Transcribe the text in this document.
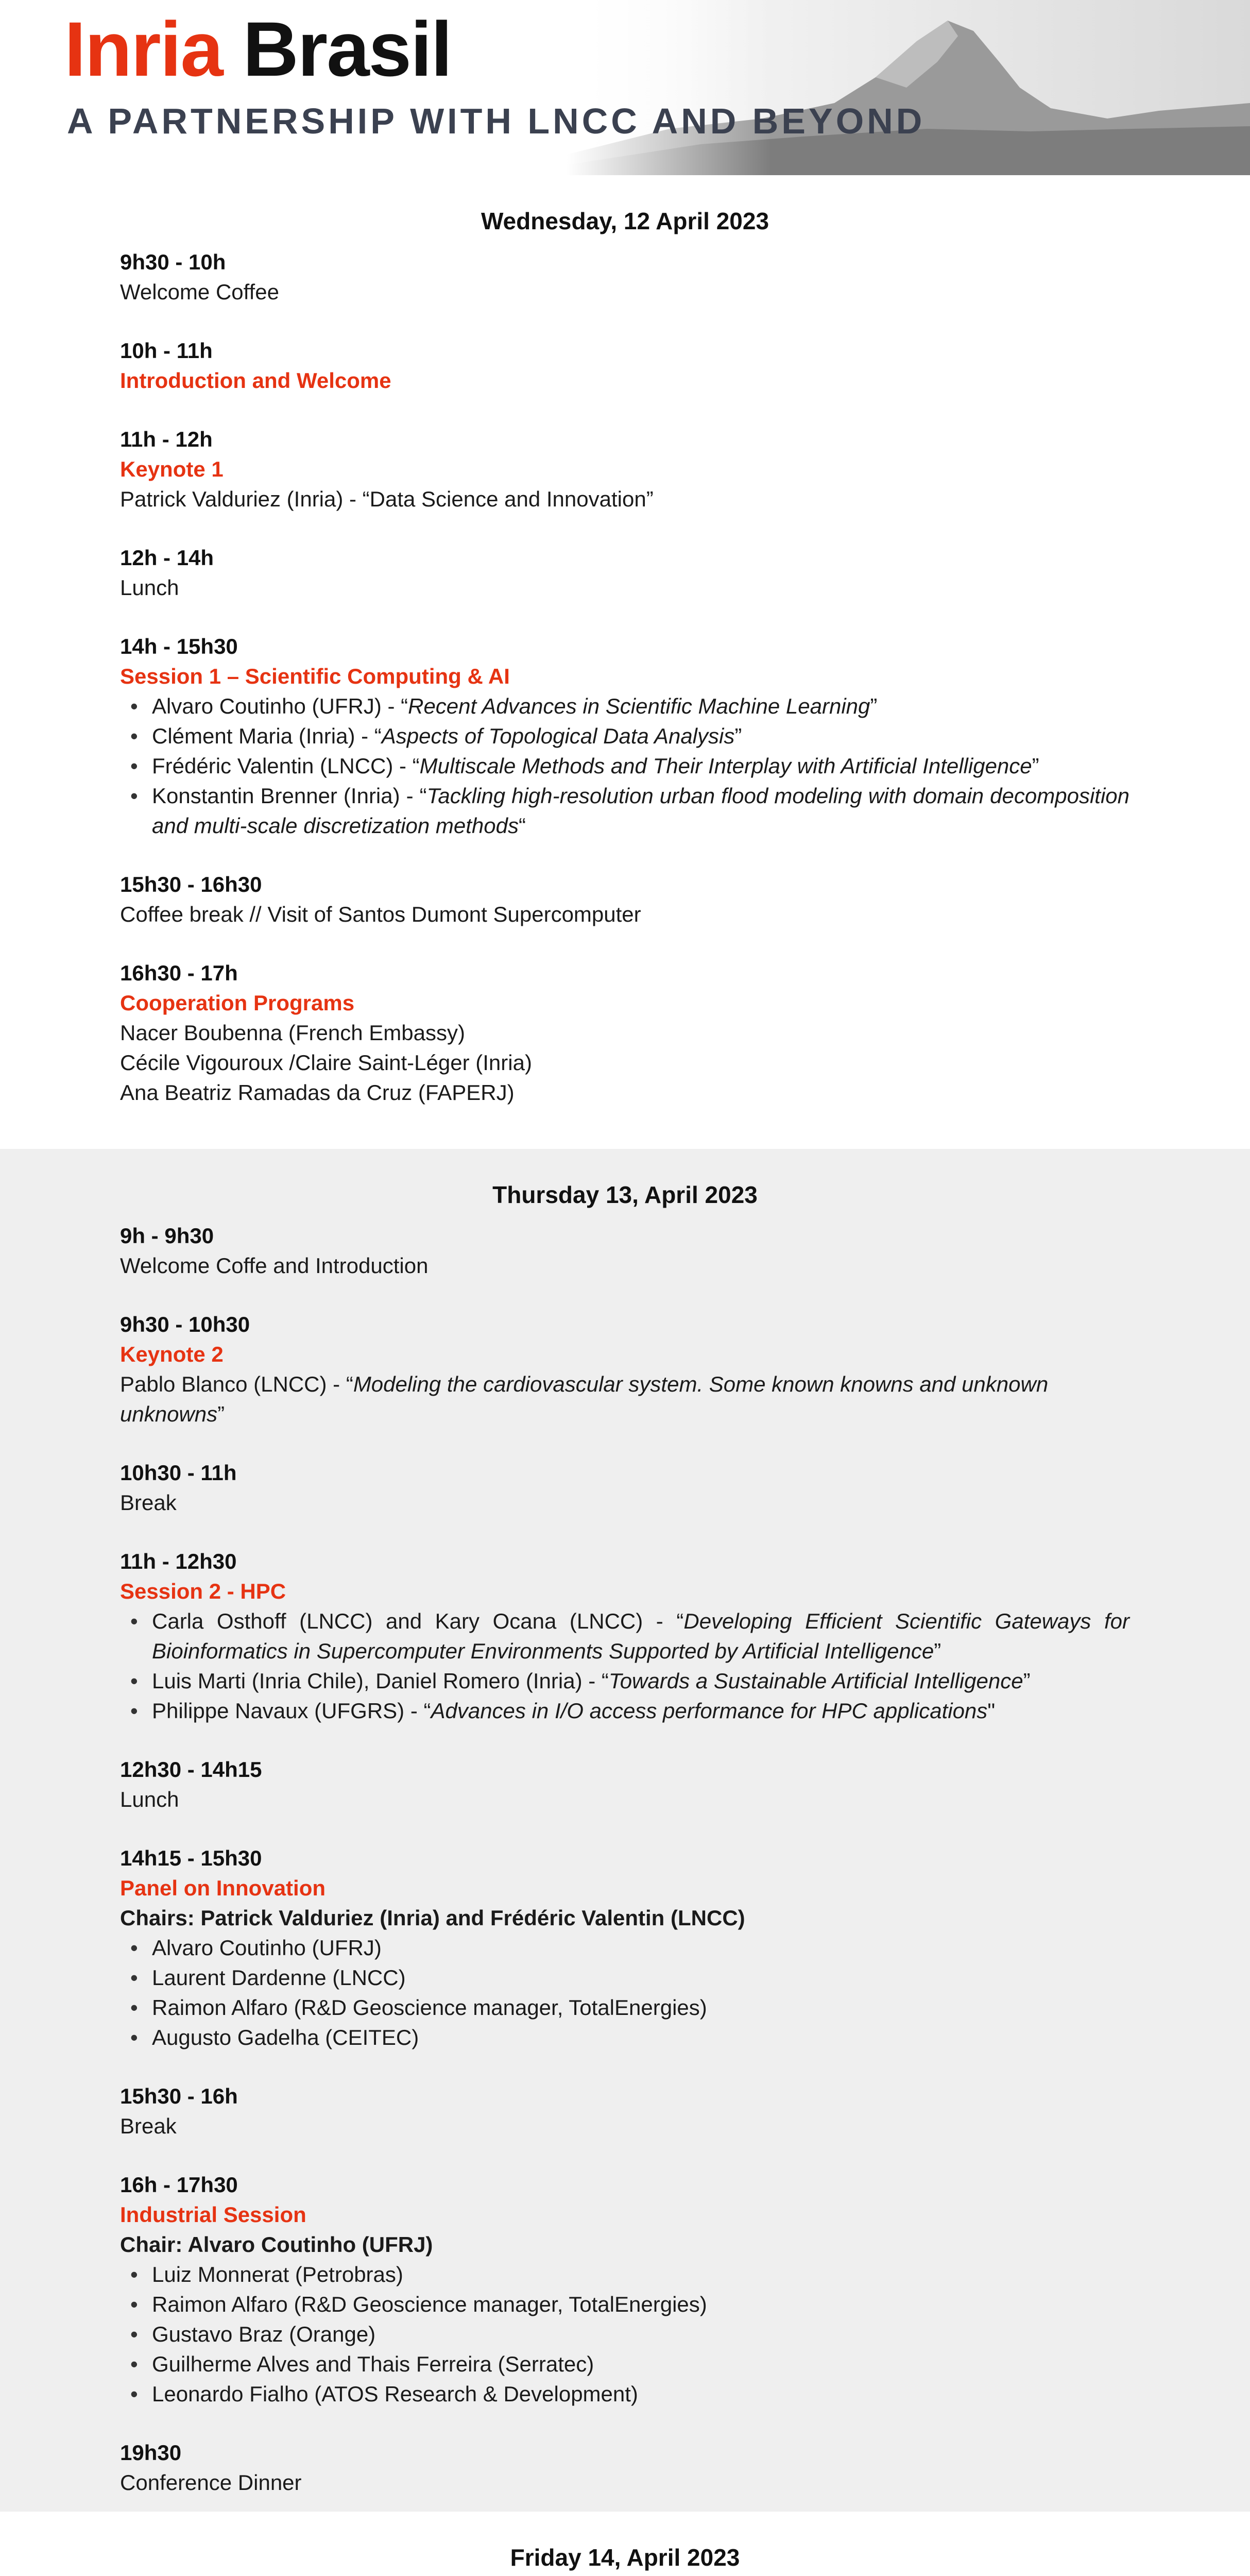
Inria Brasil
A PARTNERSHIP WITH LNCC AND BEYOND
Wednesday, 12 April 2023
9h30 - 10h
Welcome Coffee
10h - 11h
Introduction and Welcome
11h - 12h
Keynote 1
Patrick Valduriez (Inria) - “Data Science and Innovation”
12h - 14h
Lunch
14h - 15h30
Session 1 – Scientific Computing & AI
• Alvaro Coutinho (UFRJ) - “Recent Advances in Scientific Machine Learning”
• Clément Maria (Inria) - “Aspects of Topological Data Analysis”
• Frédéric Valentin (LNCC) - “Multiscale Methods and Their Interplay with Artificial Intelligence”
• Konstantin Brenner (Inria) - “Tackling high-resolution urban flood modeling with domain decomposition and multi-scale discretization methods“
15h30 - 16h30
Coffee break // Visit of Santos Dumont Supercomputer
16h30 - 17h
Cooperation Programs
Nacer Boubenna (French Embassy)
Cécile Vigouroux /Claire Saint-Léger (Inria)
Ana Beatriz Ramadas da Cruz (FAPERJ)
Thursday 13, April 2023
9h - 9h30
Welcome Coffe and Introduction
9h30 - 10h30
Keynote 2
Pablo Blanco (LNCC) - “Modeling the cardiovascular system. Some known knowns and unknown unknowns”
10h30 - 11h
Break
11h - 12h30
Session 2 - HPC
• Carla Osthoff (LNCC) and Kary Ocana (LNCC) - “Developing Efficient Scientific Gateways for Bioinformatics in Supercomputer Environments Supported by Artificial Intelligence”
• Luis Marti (Inria Chile), Daniel Romero (Inria) - “Towards a Sustainable Artificial Intelligence”
• Philippe Navaux (UFGRS) - “Advances in I/O access performance for HPC applications"
12h30 - 14h15
Lunch
14h15 - 15h30
Panel on Innovation
Chairs: Patrick Valduriez (Inria) and Frédéric Valentin (LNCC)
• Alvaro Coutinho (UFRJ)
• Laurent Dardenne (LNCC)
• Raimon Alfaro (R&D Geoscience manager, TotalEnergies)
• Augusto Gadelha (CEITEC)
15h30 - 16h
Break
16h - 17h30
Industrial Session
Chair: Alvaro Coutinho (UFRJ)
• Luiz Monnerat (Petrobras)
• Raimon Alfaro (R&D Geoscience manager, TotalEnergies)
• Gustavo Braz (Orange)
• Guilherme Alves and Thais Ferreira (Serratec)
• Leonardo Fialho (ATOS Research & Development)
19h30
Conference Dinner
Friday 14, April 2023
